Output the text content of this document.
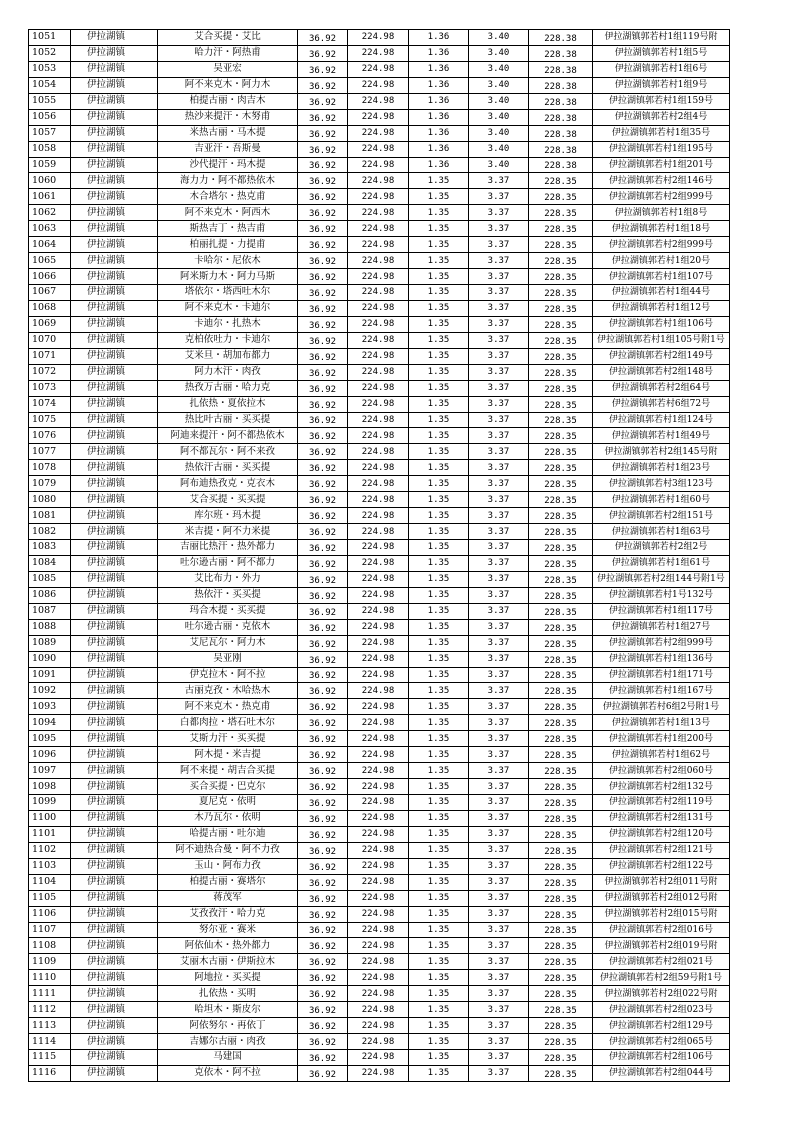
1051	伊拉湖镇	艾合买提・艾比	36.92	224.98	1.36	3.40	228.38	伊拉湖镇郭若村1组119号附
1052	伊拉湖镇	哈力汗・阿热甫	36.92	224.98	1.36	3.40	228.38	伊拉湖镇郭若村1组5号
1053	伊拉湖镇	吴亚宏	36.92	224.98	1.36	3.40	228.38	伊拉湖镇郭若村1组6号
1054	伊拉湖镇	阿不来克木・阿力木	36.92	224.98	1.36	3.40	228.38	伊拉湖镇郭若村1组9号
1055	伊拉湖镇	柏提古丽・肉吉木	36.92	224.98	1.36	3.40	228.38	伊拉湖镇郭若村1组159号
1056	伊拉湖镇	热沙来提汗・木努甫	36.92	224.98	1.36	3.40	228.38	伊拉湖镇郭若村2组4号
1057	伊拉湖镇	米热古丽・马木提	36.92	224.98	1.36	3.40	228.38	伊拉湖镇郭若村1组35号
1058	伊拉湖镇	吉亚汗・吾斯曼	36.92	224.98	1.36	3.40	228.38	伊拉湖镇郭若村1组195号
1059	伊拉湖镇	沙代提汗・玛木提	36.92	224.98	1.36	3.40	228.38	伊拉湖镇郭若村1组201号
1060	伊拉湖镇	海力力・阿不都热依木	36.92	224.98	1.35	3.37	228.35	伊拉湖镇郭若村2组146号
1061	伊拉湖镇	木合塔尔・热克甫	36.92	224.98	1.35	3.37	228.35	伊拉湖镇郭若村2组999号
1062	伊拉湖镇	阿不来克木・阿西木	36.92	224.98	1.35	3.37	228.35	伊拉湖镇郭若村1组8号
1063	伊拉湖镇	斯热吉丁・热吉甫	36.92	224.98	1.35	3.37	228.35	伊拉湖镇郭若村1组18号
1064	伊拉湖镇	柏丽扎提・力提甫	36.92	224.98	1.35	3.37	228.35	伊拉湖镇郭若村2组999号
1065	伊拉湖镇	卡哈尔・尼依木	36.92	224.98	1.35	3.37	228.35	伊拉湖镇郭若村1组20号
1066	伊拉湖镇	阿米斯力木・阿力马斯	36.92	224.98	1.35	3.37	228.35	伊拉湖镇郭若村1组107号
1067	伊拉湖镇	塔依尔・塔西吐木尔	36.92	224.98	1.35	3.37	228.35	伊拉湖镇郭若村1组44号
1068	伊拉湖镇	阿不来克木・卡迪尔	36.92	224.98	1.35	3.37	228.35	伊拉湖镇郭若村1组12号
1069	伊拉湖镇	卡迪尔・扎热木	36.92	224.98	1.35	3.37	228.35	伊拉湖镇郭若村1组106号
1070	伊拉湖镇	克柏依吐力・卡迪尔	36.92	224.98	1.35	3.37	228.35	伊拉湖镇郭若村1组105号附1号
1071	伊拉湖镇	艾米旦・胡加布都力	36.92	224.98	1.35	3.37	228.35	伊拉湖镇郭若村2组149号
1072	伊拉湖镇	阿力木汗・肉孜	36.92	224.98	1.35	3.37	228.35	伊拉湖镇郭若村2组148号
1073	伊拉湖镇	热孜万古丽・哈力克	36.92	224.98	1.35	3.37	228.35	伊拉湖镇郭若村2组64号
1074	伊拉湖镇	扎依热・夏依拉木	36.92	224.98	1.35	3.37	228.35	伊拉湖镇郭若村6组72号
1075	伊拉湖镇	热比叶古丽・买买提	36.92	224.98	1.35	3.37	228.35	伊拉湖镇郭若村1组124号
1076	伊拉湖镇	阿迪来提汗・阿不都热依木	36.92	224.98	1.35	3.37	228.35	伊拉湖镇郭若村1组49号
1077	伊拉湖镇	阿不都瓦尔・阿不来孜	36.92	224.98	1.35	3.37	228.35	伊拉湖镇郭若村2组145号附
1078	伊拉湖镇	热依汗古丽・买买提	36.92	224.98	1.35	3.37	228.35	伊拉湖镇郭若村1组23号
1079	伊拉湖镇	阿布迪热孜克・克衣木	36.92	224.98	1.35	3.37	228.35	伊拉湖镇郭若村3组123号
1080	伊拉湖镇	艾合买提・买买提	36.92	224.98	1.35	3.37	228.35	伊拉湖镇郭若村1组60号
1081	伊拉湖镇	库尔班・玛木提	36.92	224.98	1.35	3.37	228.35	伊拉湖镇郭若村2组151号
1082	伊拉湖镇	米吉提・阿不力米提	36.92	224.98	1.35	3.37	228.35	伊拉湖镇郭若村1组63号
1083	伊拉湖镇	吉丽比热汗・热外都力	36.92	224.98	1.35	3.37	228.35	伊拉湖镇郭若村2组2号
1084	伊拉湖镇	吐尔逊古丽・阿不都力	36.92	224.98	1.35	3.37	228.35	伊拉湖镇郭若村1组61号
1085	伊拉湖镇	艾比布力・外力	36.92	224.98	1.35	3.37	228.35	伊拉湖镇郭若村2组144号附1号
1086	伊拉湖镇	热依汗・买买提	36.92	224.98	1.35	3.37	228.35	伊拉湖镇郭若村1号132号
1087	伊拉湖镇	玛合木提・买买提	36.92	224.98	1.35	3.37	228.35	伊拉湖镇郭若村1组117号
1088	伊拉湖镇	吐尔逊古丽・克依木	36.92	224.98	1.35	3.37	228.35	伊拉湖镇郭若村1组27号
1089	伊拉湖镇	艾尼瓦尔・阿力木	36.92	224.98	1.35	3.37	228.35	伊拉湖镇郭若村2组999号
1090	伊拉湖镇	吴亚刚	36.92	224.98	1.35	3.37	228.35	伊拉湖镇郭若村1组136号
1091	伊拉湖镇	伊克拉木・阿不拉	36.92	224.98	1.35	3.37	228.35	伊拉湖镇郭若村1组171号
1092	伊拉湖镇	古丽克孜・木哈热木	36.92	224.98	1.35	3.37	228.35	伊拉湖镇郭若村1组167号
1093	伊拉湖镇	阿不来克木・热克甫	36.92	224.98	1.35	3.37	228.35	伊拉湖镇郭若村6组2号附1号
1094	伊拉湖镇	白都肉拉・塔石吐木尔	36.92	224.98	1.35	3.37	228.35	伊拉湖镇郭若村1组13号
1095	伊拉湖镇	艾斯力汗・买买提	36.92	224.98	1.35	3.37	228.35	伊拉湖镇郭若村1组200号
1096	伊拉湖镇	阿木提・米吉提	36.92	224.98	1.35	3.37	228.35	伊拉湖镇郭若村1组62号
1097	伊拉湖镇	阿不来提・胡吉合买提	36.92	224.98	1.35	3.37	228.35	伊拉湖镇郭若村2组060号
1098	伊拉湖镇	买合买提・巴克尔	36.92	224.98	1.35	3.37	228.35	伊拉湖镇郭若村2组132号
1099	伊拉湖镇	夏尼克・依明	36.92	224.98	1.35	3.37	228.35	伊拉湖镇郭若村2组119号
1100	伊拉湖镇	木乃瓦尔・依明	36.92	224.98	1.35	3.37	228.35	伊拉湖镇郭若村2组131号
1101	伊拉湖镇	哈提古丽・吐尔迪	36.92	224.98	1.35	3.37	228.35	伊拉湖镇郭若村2组120号
1102	伊拉湖镇	阿不迪热合曼・阿不力孜	36.92	224.98	1.35	3.37	228.35	伊拉湖镇郭若村2组121号
1103	伊拉湖镇	玉山・阿布力孜	36.92	224.98	1.35	3.37	228.35	伊拉湖镇郭若村2组122号
1104	伊拉湖镇	柏提古丽・赛塔尔	36.92	224.98	1.35	3.37	228.35	伊拉湖镇郭若村2组011号附
1105	伊拉湖镇	蒋茂军	36.92	224.98	1.35	3.37	228.35	伊拉湖镇郭若村2组012号附
1106	伊拉湖镇	艾孜孜汗・哈力克	36.92	224.98	1.35	3.37	228.35	伊拉湖镇郭若村2组015号附
1107	伊拉湖镇	努尔亚・赛米	36.92	224.98	1.35	3.37	228.35	伊拉湖镇郭若村2组016号
1108	伊拉湖镇	阿依仙木・热外都力	36.92	224.98	1.35	3.37	228.35	伊拉湖镇郭若村2组019号附
1109	伊拉湖镇	艾丽木古丽・伊斯拉木	36.92	224.98	1.35	3.37	228.35	伊拉湖镇郭若村2组021号
1110	伊拉湖镇	阿地拉・买买提	36.92	224.98	1.35	3.37	228.35	伊拉湖镇郭若村2组59号附1号
1111	伊拉湖镇	扎依热・买明	36.92	224.98	1.35	3.37	228.35	伊拉湖镇郭若村2组022号附
1112	伊拉湖镇	哈坦木・斯皮尔	36.92	224.98	1.35	3.37	228.35	伊拉湖镇郭若村2组023号
1113	伊拉湖镇	阿依努尔・再依丁	36.92	224.98	1.35	3.37	228.35	伊拉湖镇郭若村2组129号
1114	伊拉湖镇	吉娜尔古丽・肉孜	36.92	224.98	1.35	3.37	228.35	伊拉湖镇郭若村2组065号
1115	伊拉湖镇	马建国	36.92	224.98	1.35	3.37	228.35	伊拉湖镇郭若村2组106号
1116	伊拉湖镇	克依木・阿不拉	36.92	224.98	1.35	3.37	228.35	伊拉湖镇郭若村2组044号
